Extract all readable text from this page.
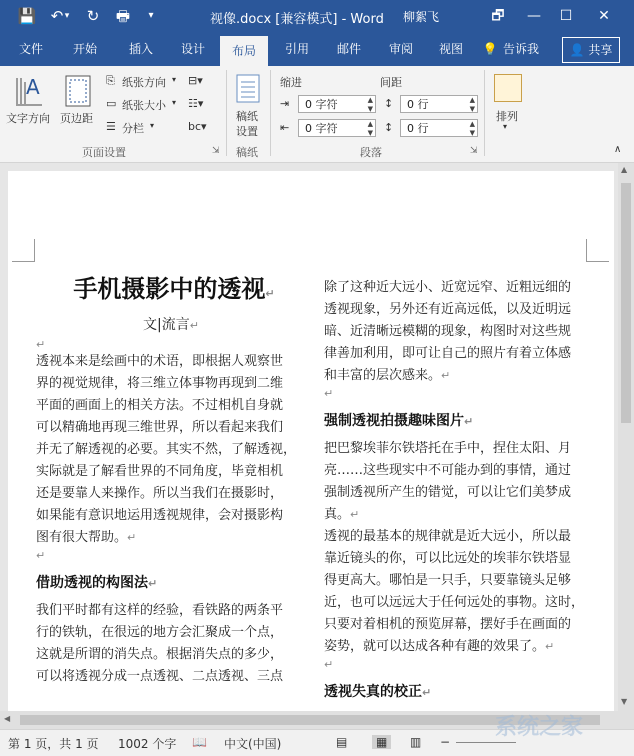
💾 ↶ ▾	↻	🖶	▾	视像.docx [兼容模式] - Word 柳絮飞	🗗	—	☐	✕
文件	开始	插入	设计	布局	引用	邮件	审阅	视图	💡 告诉我	👤 共享
A
文字方向 页边距
⎘ 纸张方向 ▾
▭ 纸张大小 ▾
☰ 分栏 ▾
⊟▾
☷▾
bc▾
页面设置	⇲
稿纸
设置
稿纸
缩进	间距
⇥	0 字符	▲
▼
⇤	0 字符	▲
▼
↕	0 行	▲
▼
↕	0 行	▲
▼
段落	⇲
排列
▾
∧
手机摄影中的透视↵
文|流言↵
↵
透视本来是绘画中的术语，即根据人观察世
界的视觉规律，将三维立体事物再现到二维
平面的画面上的相关方法。不过相机自身就
可以精确地再现三维世界，所以看起来我们
并无了解透视的必要。其实不然，了解透视，
实际就是了解看世界的不同角度，毕竟相机
还是要靠人来操作。所以当我们在摄影时，
如果能有意识地运用透视规律，会对摄影构
图有很大帮助。↵
↵
借助透视的构图法↵
我们平时都有这样的经验，看铁路的两条平
行的铁轨，在很远的地方会汇聚成一个点，
这就是所谓的消失点。根据消失点的多少，
可以将透视分成一点透视、二点透视、三点
除了这种近大远小、近宽远窄、近粗远细的
透视现象，另外还有近高远低，以及近明远
暗、近清晰远模糊的现象，构图时对这些规
律善加利用，即可让自己的照片有着立体感
和丰富的层次感来。↵
↵
强制透视拍摄趣味图片↵
把巴黎埃菲尔铁塔托在手中，捏住太阳、月
亮……这些现实中不可能办到的事情，通过
强制透视所产生的错觉，可以让它们美梦成
真。↵
透视的最基本的规律就是近大远小，所以最
靠近镜头的你，可以比远处的埃菲尔铁塔显
得更高大。哪怕是一只手，只要靠镜头足够
近，也可以远远大于任何远处的事物。这时，
只要对着相机的预览屏幕，摆好手在画面的
姿势，就可以达成各种有趣的效果了。↵
↵
透视失真的校正↵
▲
▼
◀
第 1 页，共 1 页 1002 个字 📖 中文(中国)	▤	▦	▥ −
系统之家
